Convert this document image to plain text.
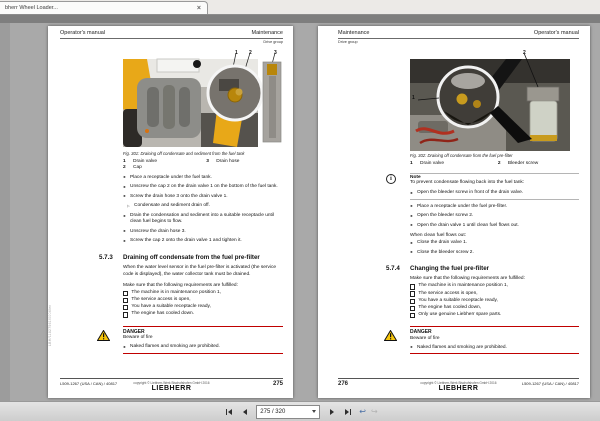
bherr Wheel Loader...	×
Operator's manual	Maintenance
Drive group
1 2	3
Fig. 301: Draining off condensate and sediment from the fuel tank
1	Drain valve
2	Cap
3	Drain hose
► Place a receptacle under the fuel tank.
► Unscrew the cap 2 on the drain valve 1 on the bottom of the fuel tank.
► Screw the drain hose 3 onto the drain valve 1.
▷ Condensate and sediment drain off.
► Drain the condensation and sediment into a suitable receptacle until clean fuel begins to flow.
► Unscrew the drain hose 3.
► Screw the cap 2 onto the drain valve 1 and tighten it.
5.7.3 Draining off condensate from the fuel pre-filter
When the water level sensor in the fuel pre-filter is activated (the service code is displayed), the water collector tank must be drained.
Make sure that the following requirements are fulfilled:
The machine is in maintenance position 1,
The service access is open,
You have a suitable receptacle ready,
The engine has cooled down.
DANGER
Beware of fire
► Naked flames and smoking are prohibited.
L509-1267 (USA / CAN) / 40817	copyright © Liebherr-Werk Bischofshofen GmbH 2016
LIEBHERR
275
LBH/11827561/0004/en
Maintenance	Operator's manual
Drive group
2
1
Fig. 302: Draining off condensate from the fuel pre-filter
1	Drain valve	2	Bleeder screw
i	Note
To prevent condensate flowing back into the fuel tank:
► Open the bleeder screw in front of the drain valve.
► Place a receptacle under the fuel pre-filter.
► Open the bleeder screw 2.
► Open the drain valve 1 until clean fuel flows out.
When clean fuel flows out:
► Close the drain valve 1.
► Close the bleeder screw 2.
5.7.4 Changing the fuel pre-filter
Make sure that the following requirements are fulfilled:
The machine is in maintenance position 1,
The service access is open,
You have a suitable receptacle ready,
The engine has cooled down,
Only use genuine Liebherr spare parts.
DANGER
Beware of fire
► Naked flames and smoking are prohibited.
276	copyright © Liebherr-Werk Bischofshofen GmbH 2016
LIEBHERR
L509-1267 (USA / CAN) / 40817
275 / 320	↩ ↪
